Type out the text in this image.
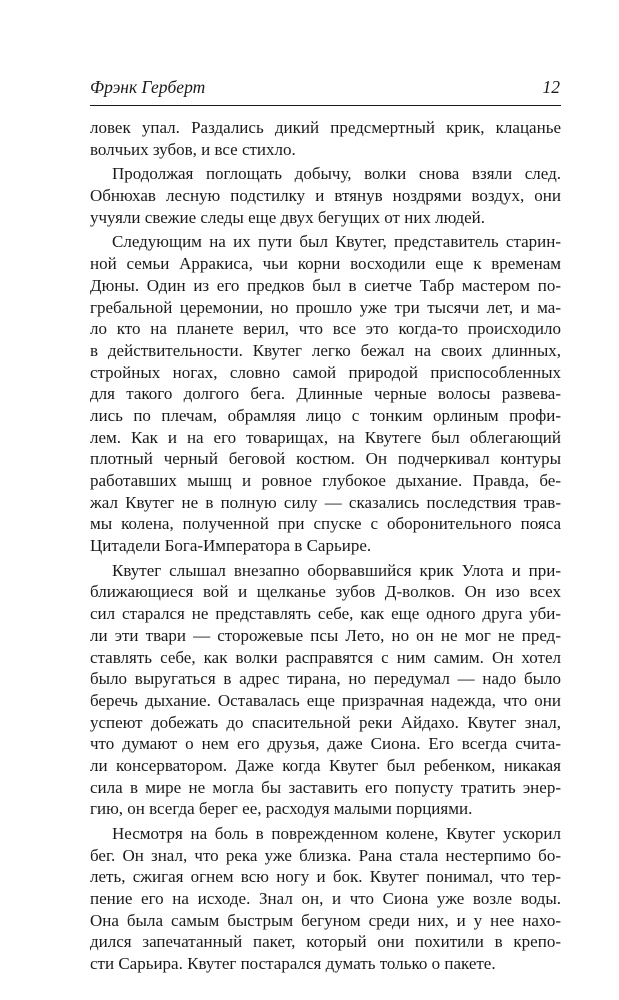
Фрэнк Герберт	12
ловек упал. Раздались дикий предсмертный крик, клацанье
волчьих зубов, и все стихло.
Продолжая поглощать добычу, волки снова взяли след.
Обнюхав лесную подстилку и втянув ноздрями воздух, они
учуяли свежие следы еще двух бегущих от них людей.
Следующим на их пути был Квутег, представитель старин-
ной семьи Арракиса, чьи корни восходили еще к временам
Дюны. Один из его предков был в сиетче Табр мастером по-
гребальной церемонии, но прошло уже три тысячи лет, и ма-
ло кто на планете верил, что все это когда-то происходило
в действительности. Квутег легко бежал на своих длинных,
стройных ногах, словно самой природой приспособленных
для такого долгого бега. Длинные черные волосы развева-
лись по плечам, обрамляя лицо с тонким орлиным профи-
лем. Как и на его товарищах, на Квутеге был облегающий
плотный черный беговой костюм. Он подчеркивал контуры
работавших мышц и ровное глубокое дыхание. Правда, бе-
жал Квутег не в полную силу — сказались последствия трав-
мы колена, полученной при спуске с оборонительного пояса
Цитадели Бога-Императора в Сарьире.
Квутег слышал внезапно оборвавшийся крик Улота и при-
ближающиеся вой и щелканье зубов Д-волков. Он изо всех
сил старался не представлять себе, как еще одного друга уби-
ли эти твари — сторожевые псы Лето, но он не мог не пред-
ставлять себе, как волки расправятся с ним самим. Он хотел
было выругаться в адрес тирана, но передумал — надо было
беречь дыхание. Оставалась еще призрачная надежда, что они
успеют добежать до спасительной реки Айдахо. Квутег знал,
что думают о нем его друзья, даже Сиона. Его всегда счита-
ли консерватором. Даже когда Квутег был ребенком, никакая
сила в мире не могла бы заставить его попусту тратить энер-
гию, он всегда берег ее, расходуя малыми порциями.
Несмотря на боль в поврежденном колене, Квутег ускорил
бег. Он знал, что река уже близка. Рана стала нестерпимо бо-
леть, сжигая огнем всю ногу и бок. Квутег понимал, что тер-
пение его на исходе. Знал он, и что Сиона уже возле воды.
Она была самым быстрым бегуном среди них, и у нее нахо-
дился запечатанный пакет, который они похитили в крепо-
сти Сарьира. Квутег постарался думать только о пакете.
